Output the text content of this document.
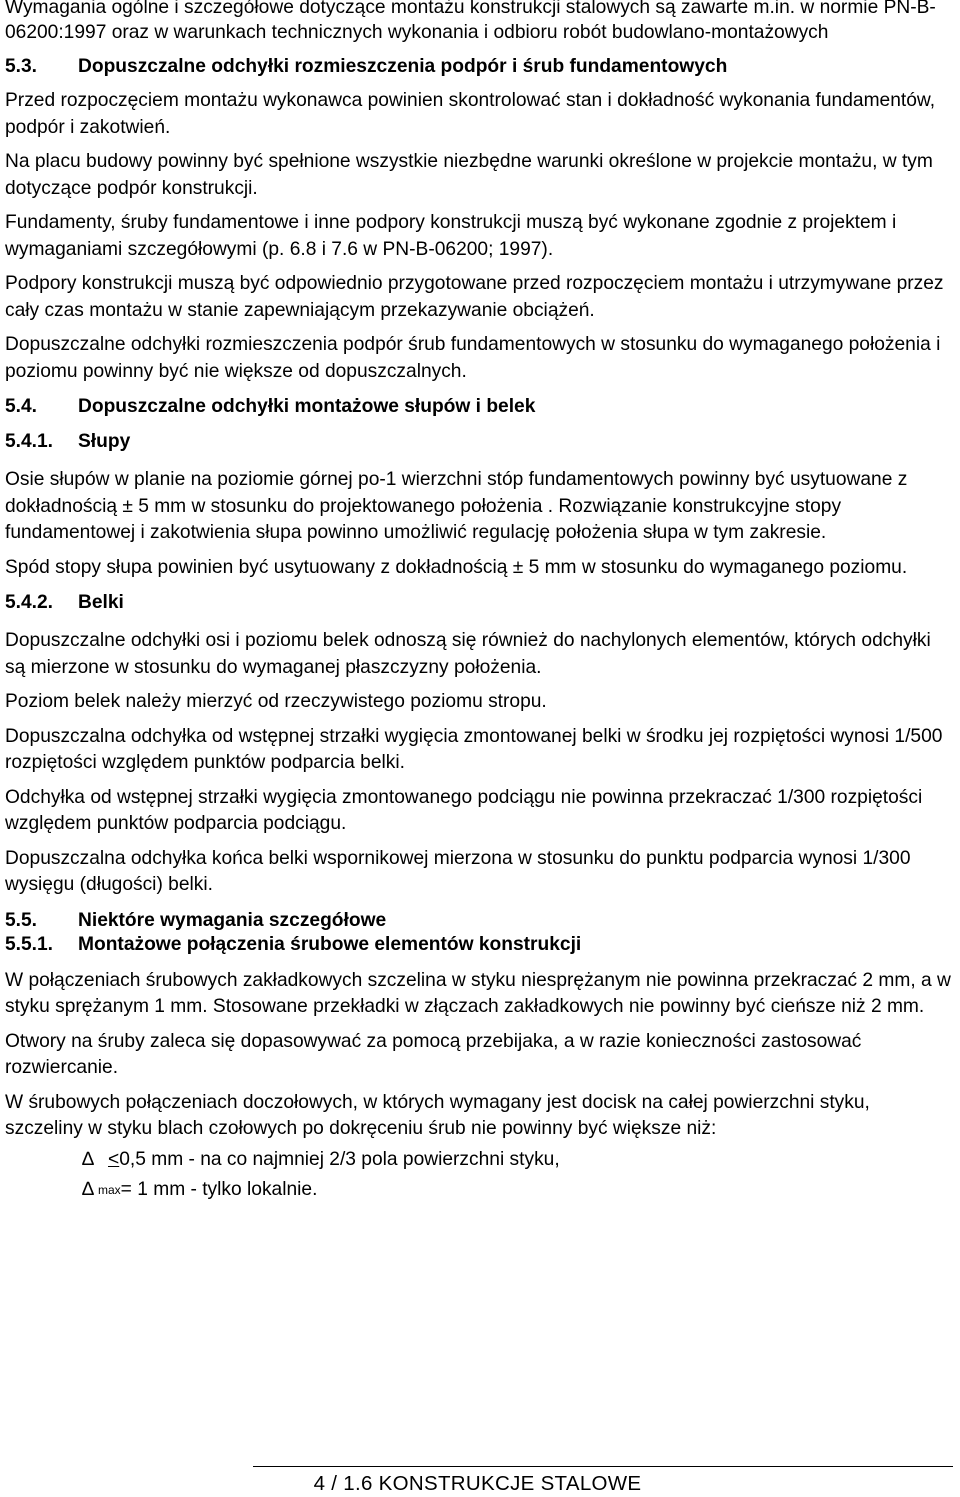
Wymagania ogólne i szczegółowe dotyczące montażu konstrukcji stalowych są zawarte m.in. w normie PN-B-06200:1997 oraz w warunkach technicznych wykonania i odbioru robót budowlano-montażowych

5.3.	Dopuszczalne odchyłki rozmieszczenia podpór i śrub fundamentowych

Przed rozpoczęciem montażu wykonawca powinien skontrolować stan i dokładność wykonania fundamentów, podpór i zakotwień.

Na placu budowy powinny być spełnione wszystkie niezbędne warunki określone w projekcie montażu, w tym dotyczące podpór konstrukcji.

Fundamenty, śruby fundamentowe i inne podpory konstrukcji muszą być wykonane zgodnie z projektem i wymaganiami szczegółowymi (p. 6.8 i 7.6 w PN-B-06200; 1997).

Podpory konstrukcji muszą być odpowiednio przygotowane przed rozpoczęciem montażu i utrzymywane przez cały czas montażu w stanie zapewniającym przekazywanie obciążeń.

Dopuszczalne odchyłki rozmieszczenia podpór śrub fundamentowych w stosunku do wymaganego położenia i poziomu powinny być nie większe od dopuszczalnych.

5.4.	Dopuszczalne odchyłki montażowe słupów i belek
5.4.1.	Słupy

Osie słupów w planie na poziomie górnej po-1 wierzchni stóp fundamentowych powinny być usytuowane z dokładnością ± 5 mm w stosunku do projektowanego położenia . Rozwiązanie konstrukcyjne stopy fundamentowej i zakotwienia słupa powinno umożliwić regulację położenia słupa w tym zakresie.

Spód stopy słupa powinien być usytuowany z dokładnością ± 5 mm w stosunku do wymaganego poziomu.

5.4.2.	Belki

Dopuszczalne odchyłki osi i poziomu belek odnoszą się również do nachylonych elementów, których odchyłki są mierzone w stosunku do wymaganej płaszczyzny położenia.

Poziom belek należy mierzyć od rzeczywistego poziomu stropu.

Dopuszczalna odchyłka od wstępnej strzałki wygięcia zmontowanej belki w środku jej rozpiętości wynosi 1/500 rozpiętości względem punktów podparcia belki.

Odchyłka od wstępnej strzałki wygięcia zmontowanego podciągu nie powinna przekraczać 1/300 rozpiętości względem punktów podparcia podciągu.

Dopuszczalna odchyłka końca belki wspornikowej mierzona w stosunku do punktu podparcia wynosi 1/300 wysięgu (długości) belki.

5.5.	Niektóre wymagania szczegółowe
5.5.1.	Montażowe połączenia śrubowe elementów konstrukcji

W połączeniach śrubowych zakładkowych szczelina w styku niesprężanym nie powinna przekraczać 2 mm, a w styku sprężanym 1 mm. Stosowane przekładki w złączach zakładkowych nie powinny być cieńsze niż 2 mm.

Otwory na śruby zaleca się dopasowywać za pomocą przebijaka, a w razie konieczności zastosować rozwiercanie.

W śrubowych połączeniach doczołowych, w których wymagany jest docisk na całej powierzchni styku, szczeliny w styku blach czołowych po dokręceniu śrub nie powinny być większe niż:

∆ ≤ 0,5 mm - na co najmniej 2/3 pola powierzchni styku,
∆ max = 1 mm - tylko lokalnie.
4 / 1.6 KONSTRUKCJE STALOWE
